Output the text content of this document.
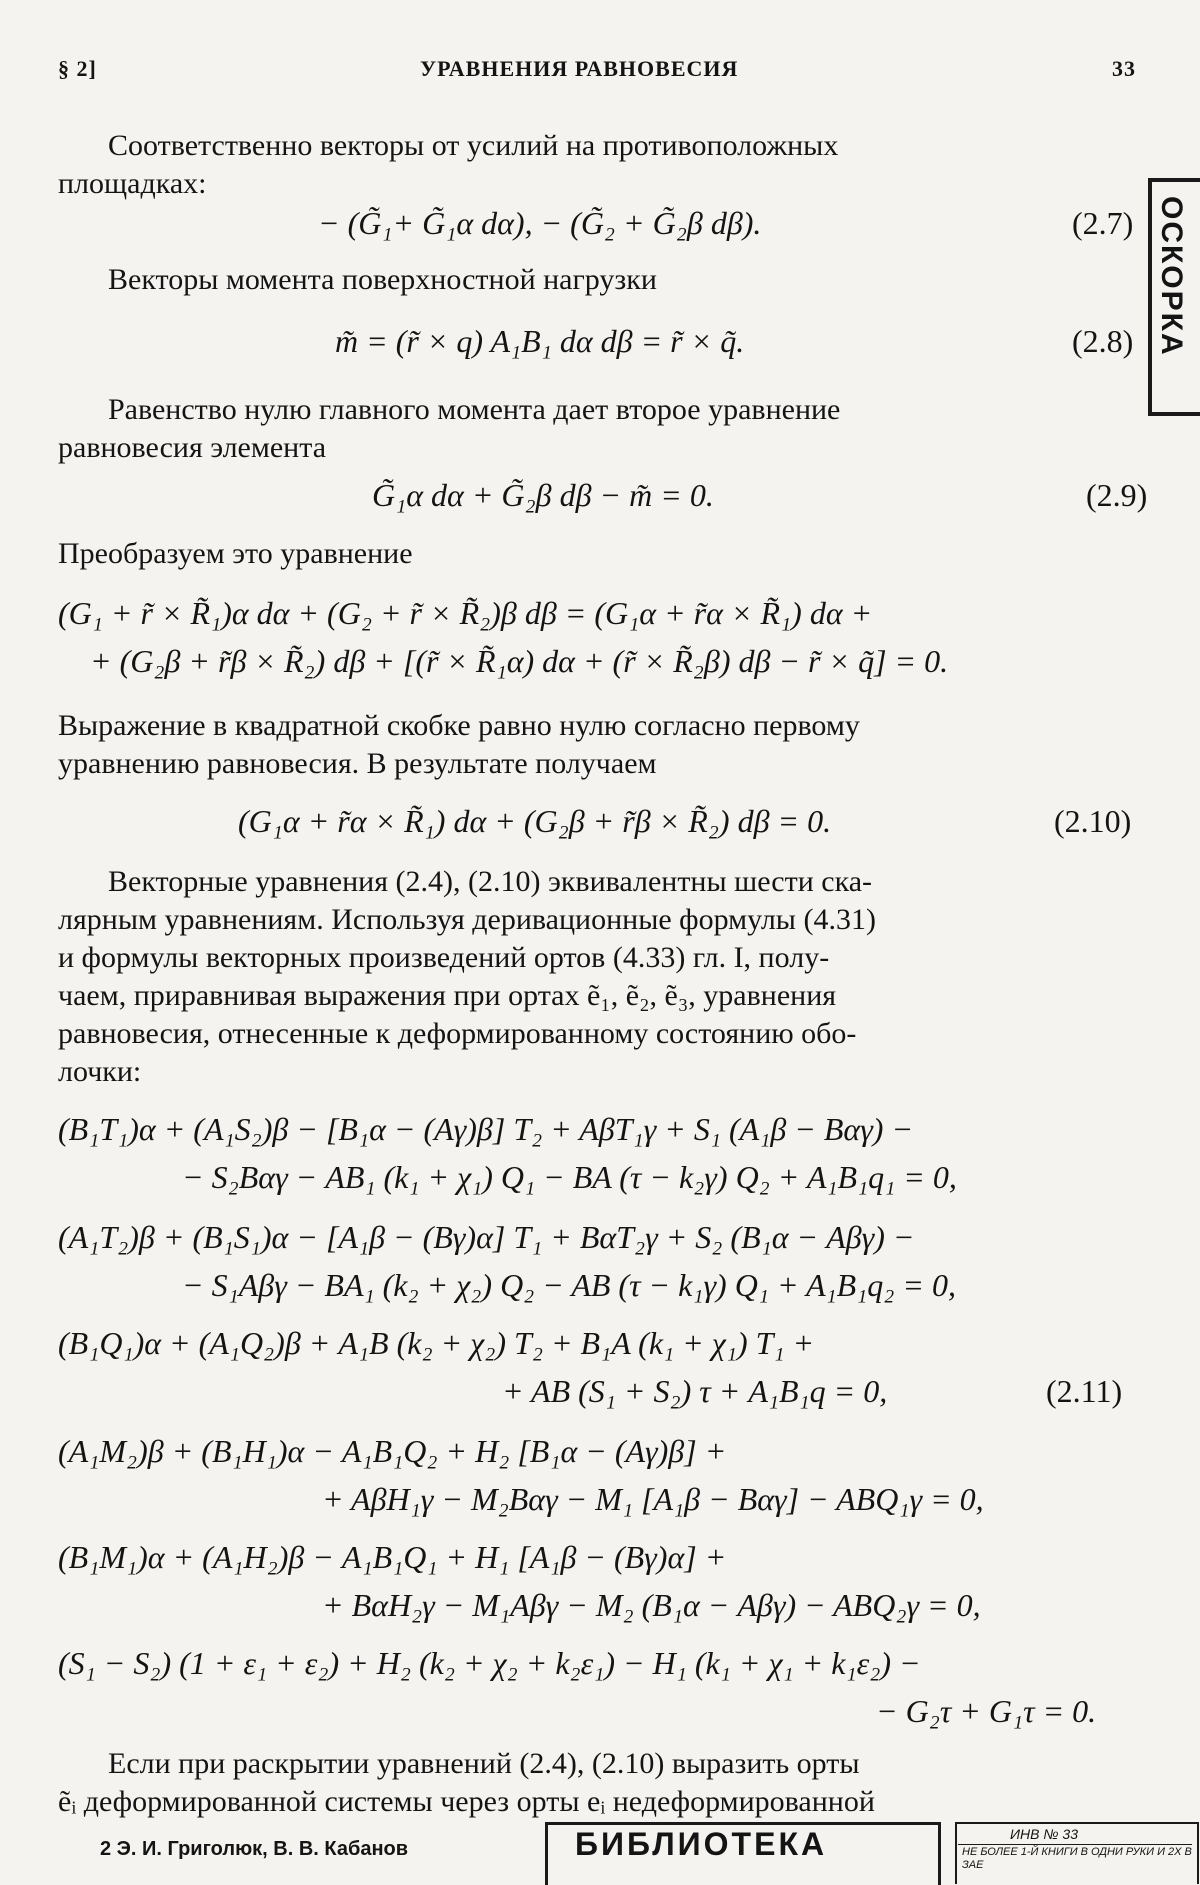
§ 2]	УРАВНЕНИЯ РАВНОВЕСИЯ	33
ОСКОРКА
Соответственно векторы от усилий на противоположных
площадках:
− (G̃₁+ G̃₁α dα), − (G̃₂ + G̃₂β dβ).	(2.7)
Векторы момента поверхностной нагрузки
m̃ = (r̃ × q) A₁B₁ dα dβ = r̃ × q̃.	(2.8)
Равенство нулю главного момента дает второе уравнение
равновесия элемента
G̃₁α dα + G̃₂β dβ − m̃ = 0.	(2.9)
Преобразуем это уравнение
(G₁ + r̃ × R̃₁)α dα + (G₂ + r̃ × R̃₂)β dβ = (G₁α + r̃α × R̃₁) dα +
+ (G₂β + r̃β × R̃₂) dβ + [(r̃ × R̃₁α) dα + (r̃ × R̃₂β) dβ − r̃ × q̃] = 0.
Выражение в квадратной скобке равно нулю согласно первому
уравнению равновесия. В результате получаем
(G₁α + r̃α × R̃₁) dα + (G₂β + r̃β × R̃₂) dβ = 0.	(2.10)
Векторные уравнения (2.4), (2.10) эквивалентны шести ска-
лярным уравнениям. Используя деривационные формулы (4.31)
и формулы векторных произведений ортов (4.33) гл. I, полу-
чаем, приравнивая выражения при ортах ẽ₁, ẽ₂, ẽ₃, уравнения
равновесия, отнесенные к деформированному состоянию обо-
лочки:
(B₁T₁)α + (A₁S₂)β − [B₁α − (Aγ)β] T₂ + AβT₁γ + S₁ (A₁β − Bαγ) −
− S₂Bαγ − AB₁ (k₁ + χ₁) Q₁ − BA (τ − k₂γ) Q₂ + A₁B₁q₁ = 0,
(A₁T₂)β + (B₁S₁)α − [A₁β − (Bγ)α] T₁ + BαT₂γ + S₂ (B₁α − Aβγ) −
− S₁Aβγ − BA₁ (k₂ + χ₂) Q₂ − AB (τ − k₁γ) Q₁ + A₁B₁q₂ = 0,
(B₁Q₁)α + (A₁Q₂)β + A₁B (k₂ + χ₂) T₂ + B₁A (k₁ + χ₁) T₁ +
+ AB (S₁ + S₂) τ + A₁B₁q = 0,	(2.11)
(A₁M₂)β + (B₁H₁)α − A₁B₁Q₂ + H₂ [B₁α − (Aγ)β] +
+ AβH₁γ − M₂Bαγ − M₁ [A₁β − Bαγ] − ABQ₁γ = 0,
(B₁M₁)α + (A₁H₂)β − A₁B₁Q₁ + H₁ [A₁β − (Bγ)α] +
+ BαH₂γ − M₁Aβγ − M₂ (B₁α − Aβγ) − ABQ₂γ = 0,
(S₁ − S₂) (1 + ε₁ + ε₂) + H₂ (k₂ + χ₂ + k₂ε₁) − H₁ (k₁ + χ₁ + k₁ε₂) −
− G₂τ + G₁τ = 0.
Если при раскрытии уравнений (2.4), (2.10) выразить орты
ẽᵢ деформированной системы через орты eᵢ недеформированной
2 Э. И. Григолюк, В. В. Кабанов	БИБЛИОТЕКА	ИНВ № 33
НЕ БОЛЕЕ 1-Й КНИГИ В ОДНИ РУКИ И 2Х В ЗАЕ
